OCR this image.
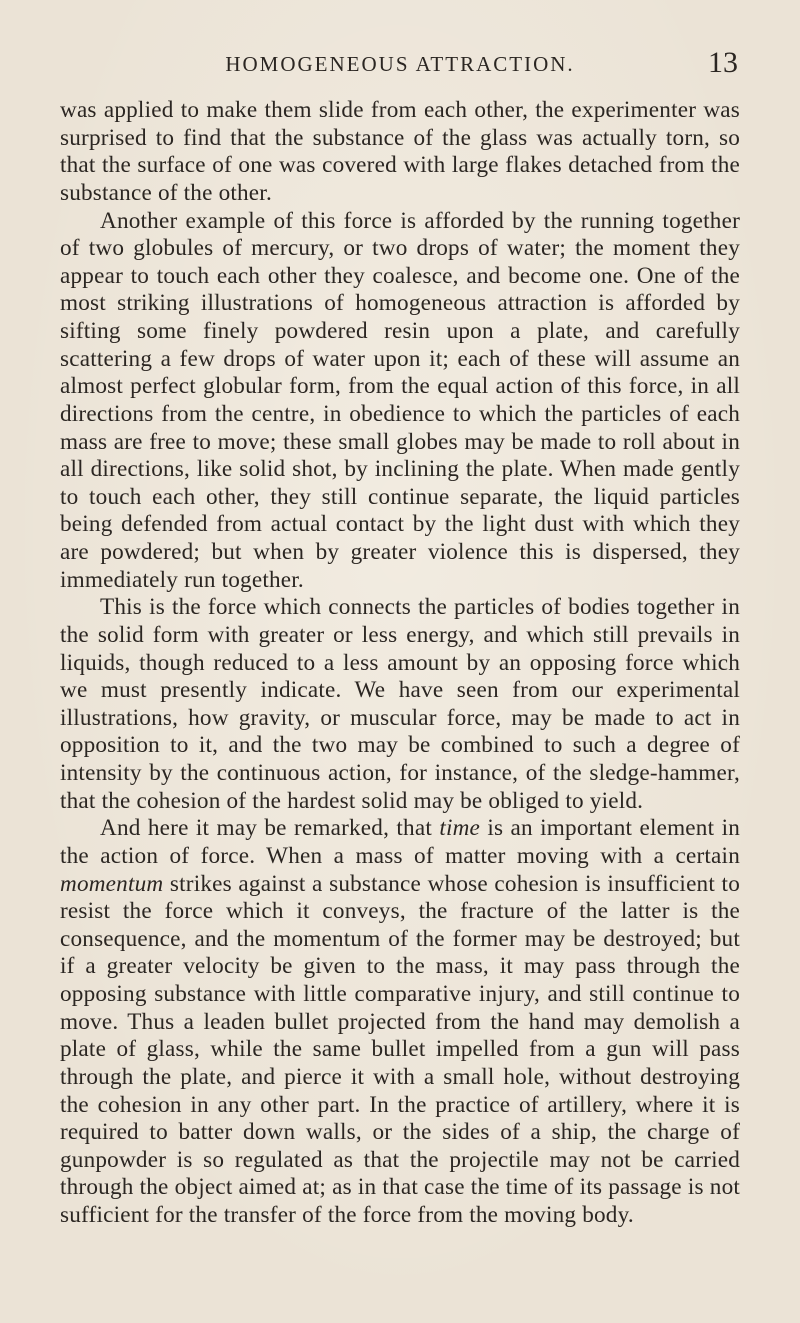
HOMOGENEOUS ATTRACTION.	13

was applied to make them slide from each other, the experimenter was surprised to find that the substance of the glass was actually torn, so that the surface of one was covered with large flakes detached from the substance of the other.

Another example of this force is afforded by the running together of two globules of mercury, or two drops of water; the moment they appear to touch each other they coalesce, and become one. One of the most striking illustrations of homogeneous attraction is afforded by sifting some finely powdered resin upon a plate, and carefully scattering a few drops of water upon it; each of these will assume an almost perfect globular form, from the equal action of this force, in all directions from the centre, in obedience to which the particles of each mass are free to move; these small globes may be made to roll about in all directions, like solid shot, by inclining the plate. When made gently to touch each other, they still continue separate, the liquid particles being defended from actual contact by the light dust with which they are powdered; but when by greater violence this is dispersed, they immediately run together.

This is the force which connects the particles of bodies together in the solid form with greater or less energy, and which still prevails in liquids, though reduced to a less amount by an opposing force which we must presently indicate. We have seen from our experimental illustrations, how gravity, or muscular force, may be made to act in opposition to it, and the two may be combined to such a degree of intensity by the continuous action, for instance, of the sledge-hammer, that the cohesion of the hardest solid may be obliged to yield.

And here it may be remarked, that time is an important element in the action of force. When a mass of matter moving with a certain momentum strikes against a substance whose cohesion is insufficient to resist the force which it conveys, the fracture of the latter is the consequence, and the momentum of the former may be destroyed; but if a greater velocity be given to the mass, it may pass through the opposing substance with little comparative injury, and still continue to move. Thus a leaden bullet projected from the hand may demolish a plate of glass, while the same bullet impelled from a gun will pass through the plate, and pierce it with a small hole, without destroying the cohesion in any other part. In the practice of artillery, where it is required to batter down walls, or the sides of a ship, the charge of gunpowder is so regulated as that the projectile may not be carried through the object aimed at; as in that case the time of its passage is not sufficient for the transfer of the force from the moving body.
